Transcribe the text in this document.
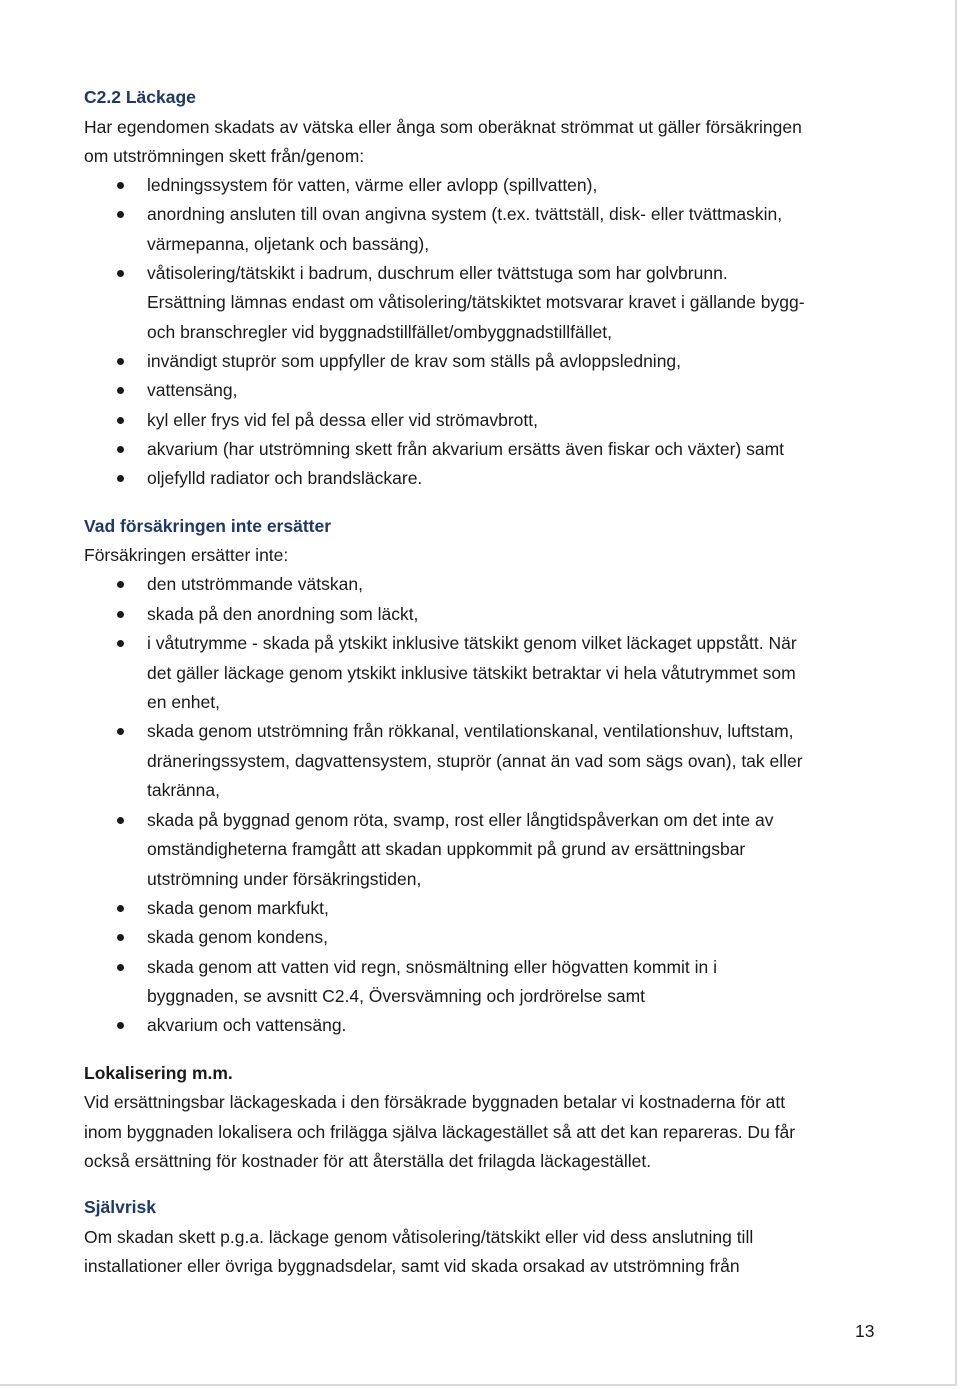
C2.2 Läckage
Har egendomen skadats av vätska eller ånga som oberäknat strömmat ut gäller försäkringen
om utströmningen skett från/genom:
ledningssystem för vatten, värme eller avlopp (spillvatten),
anordning ansluten till ovan angivna system (t.ex. tvättställ, disk- eller tvättmaskin,
värmepanna, oljetank och bassäng),
våtisolering/tätskikt i badrum, duschrum eller tvättstuga som har golvbrunn.
Ersättning lämnas endast om våtisolering/tätskiktet motsvarar kravet i gällande bygg-
och branschregler vid byggnadstillfället/ombyggnadstillfället,
invändigt stuprör som uppfyller de krav som ställs på avloppsledning,
vattensäng,
kyl eller frys vid fel på dessa eller vid strömavbrott,
akvarium (har utströmning skett från akvarium ersätts även fiskar och växter) samt
oljefylld radiator och brandsläckare.
Vad försäkringen inte ersätter
Försäkringen ersätter inte:
den utströmmande vätskan,
skada på den anordning som läckt,
i våtutrymme - skada på ytskikt inklusive tätskikt genom vilket läckaget uppstått. När
det gäller läckage genom ytskikt inklusive tätskikt betraktar vi hela våtutrymmet som
en enhet,
skada genom utströmning från rökkanal, ventilationskanal, ventilationshuv, luftstam,
dräneringssystem, dagvattensystem, stuprör (annat än vad som sägs ovan), tak eller
takränna,
skada på byggnad genom röta, svamp, rost eller långtidspåverkan om det inte av
omständigheterna framgått att skadan uppkommit på grund av ersättningsbar
utströmning under försäkringstiden,
skada genom markfukt,
skada genom kondens,
skada genom att vatten vid regn, snösmältning eller högvatten kommit in i
byggnaden, se avsnitt C2.4, Översvämning och jordrörelse samt
akvarium och vattensäng.
Lokalisering m.m.
Vid ersättningsbar läckageskada i den försäkrade byggnaden betalar vi kostnaderna för att
inom byggnaden lokalisera och frilägga själva läckagestället så att det kan repareras. Du får
också ersättning för kostnader för att återställa det frilagda läckagestället.
Självrisk
Om skadan skett p.g.a. läckage genom våtisolering/tätskikt eller vid dess anslutning till
installationer eller övriga byggnadsdelar, samt vid skada orsakad av utströmning från
13
